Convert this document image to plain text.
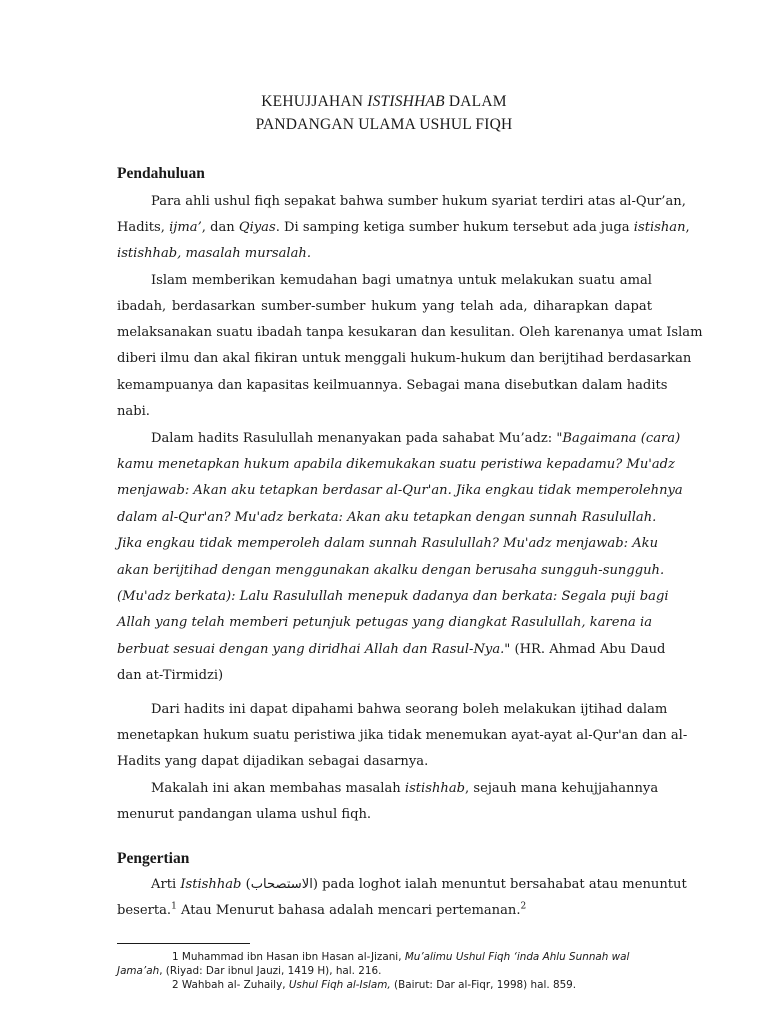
KEHUJJAHAN ISTISHHAB DALAM
PANDANGAN ULAMA USHUL FIQH
Pendahuluan
Para ahli ushul fiqh sepakat bahwa sumber hukum syariat terdiri atas al-Qur’an,
Hadits, ijma’, dan Qiyas. Di samping ketiga sumber hukum tersebut ada juga istishan,
istishhab, masalah mursalah.
Islam memberikan kemudahan bagi umatnya untuk melakukan suatu amal
ibadah, berdasarkan sumber-sumber hukum yang telah ada, diharapkan dapat
melaksanakan suatu ibadah tanpa kesukaran dan kesulitan. Oleh karenanya umat Islam
diberi ilmu dan akal fikiran untuk menggali hukum-hukum dan berijtihad berdasarkan
kemampuanya dan kapasitas keilmuannya. Sebagai mana disebutkan dalam hadits
nabi.
Dalam hadits Rasulullah menanyakan pada sahabat Mu’adz: "Bagaimana (cara)
kamu menetapkan hukum apabila dikemukakan suatu peristiwa kepadamu? Mu'adz
menjawab: Akan aku tetapkan berdasar al-Qur'an. Jika engkau tidak memperolehnya
dalam al-Qur'an? Mu'adz berkata: Akan aku tetapkan dengan sunnah Rasulullah.
Jika engkau tidak memperoleh dalam sunnah Rasulullah? Mu'adz menjawab: Aku
akan berijtihad dengan menggunakan akalku dengan berusaha sungguh-sungguh.
(Mu'adz berkata): Lalu Rasulullah menepuk dadanya dan berkata: Segala puji bagi
Allah yang telah memberi petunjuk petugas yang diangkat Rasulullah, karena ia
berbuat sesuai dengan yang diridhai Allah dan Rasul-Nya." (HR. Ahmad Abu Daud
dan at-Tirmidzi)
Dari hadits ini dapat dipahami bahwa seorang boleh melakukan ijtihad dalam
menetapkan hukum suatu peristiwa jika tidak menemukan ayat-ayat al-Qur'an dan al-
Hadits yang dapat dijadikan sebagai dasarnya.
Makalah ini akan membahas masalah istishhab, sejauh mana kehujjahannya
menurut pandangan ulama ushul fiqh.
Pengertian
Arti Istishhab (الاستصحاب) pada loghot ialah menuntut bersahabat atau menuntut
beserta.$^1$ Atau Menurut bahasa adalah mencari pertemanan.$^2$
1 Muhammad ibn Hasan ibn Hasan al-Jizani, Mu’alimu Ushul Fiqh ‘inda Ahlu Sunnah wal
Jama’ah, (Riyad: Dar ibnul Jauzi, 1419 H), hal. 216.
2 Wahbah al- Zuhaily, Ushul Fiqh al-Islam, (Bairut: Dar al-Fiqr, 1998) hal. 859.
